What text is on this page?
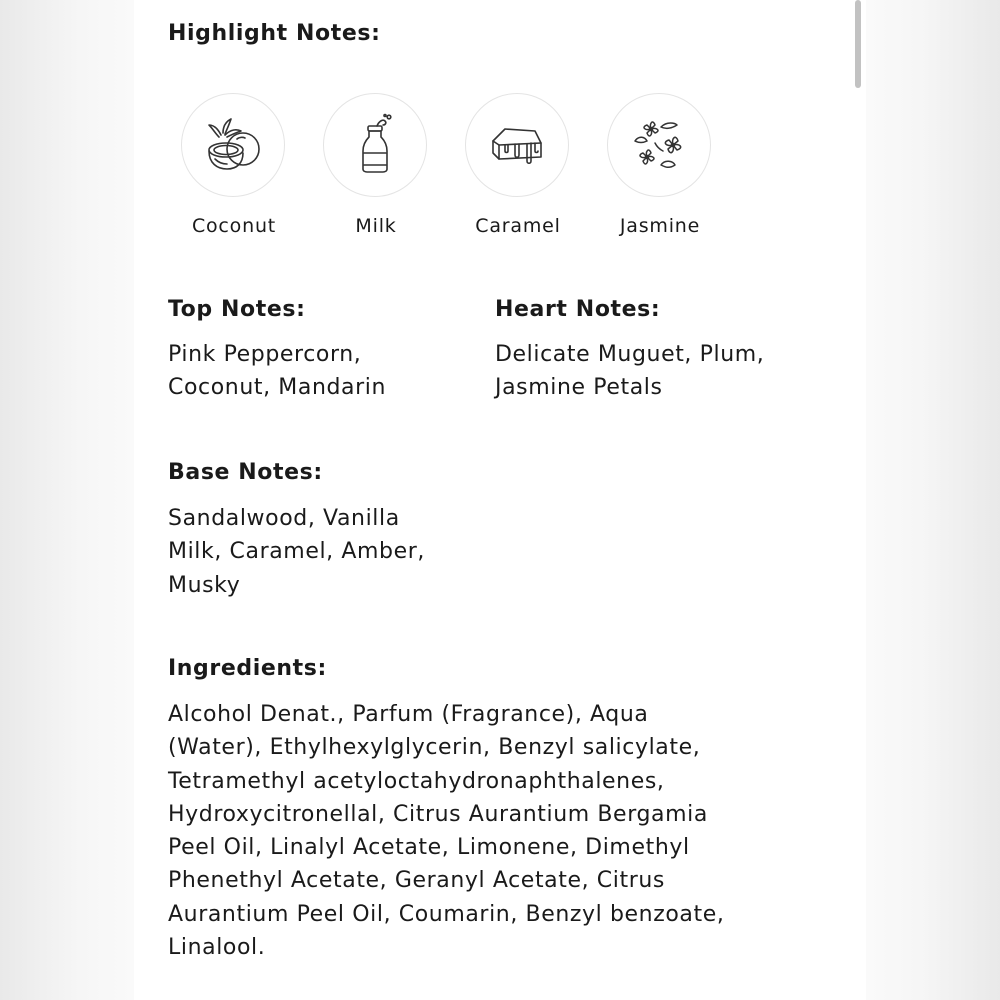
Highlight Notes:
Coconut	Milk	Caramel	Jasmine
Top Notes:
Pink Peppercorn,
Coconut, Mandarin
Heart Notes:
Delicate Muguet, Plum,
Jasmine Petals
Base Notes:
Sandalwood, Vanilla
Milk, Caramel, Amber,
Musky
Ingredients:
Alcohol Denat., Parfum (Fragrance), Aqua
(Water), Ethylhexylglycerin, Benzyl salicylate,
Tetramethyl acetyloctahydronaphthalenes,
Hydroxycitronellal, Citrus Aurantium Bergamia
Peel Oil, Linalyl Acetate, Limonene, Dimethyl
Phenethyl Acetate, Geranyl Acetate, Citrus
Aurantium Peel Oil, Coumarin, Benzyl benzoate,
Linalool.
